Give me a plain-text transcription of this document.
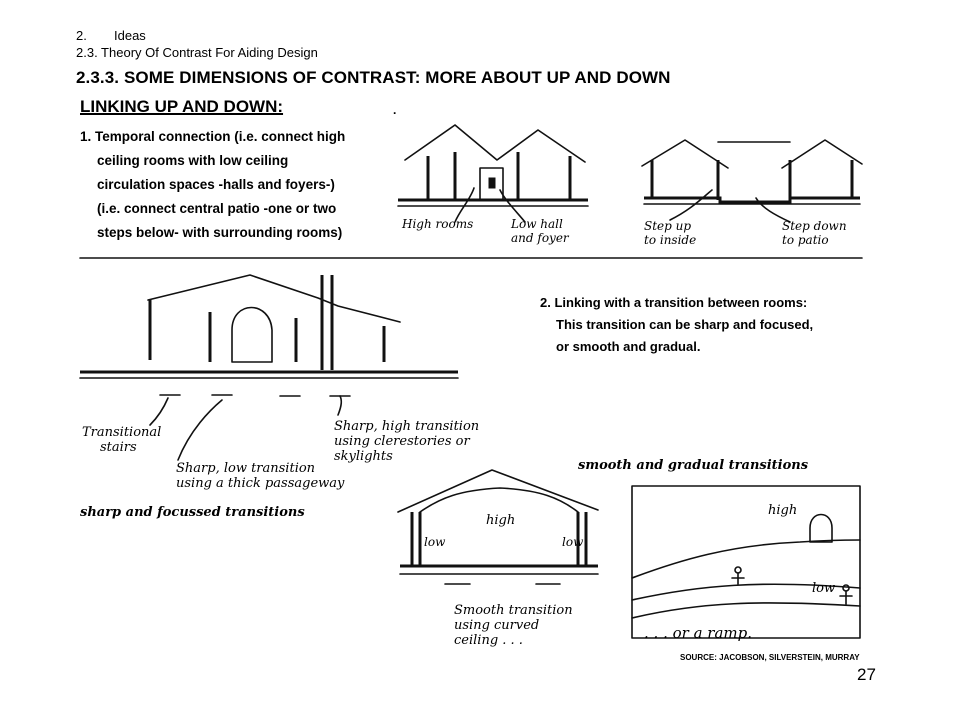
2. Ideas
2.3. Theory Of Contrast For Aiding Design
2.3.3. SOME DIMENSIONS OF CONTRAST: MORE ABOUT UP AND DOWN
LINKING UP AND DOWN:	.
1. Temporal connection (i.e. connect high
ceiling rooms with low ceiling
circulation spaces -halls and foyers-)
(i.e. connect central patio -one or two
steps below- with surrounding rooms)
2. Linking with a transition between rooms:
This transition can be sharp and focused,
or smooth and gradual.
High rooms	Low hall
and foyer
Step up
to inside
Step down
to patio
Transitional
stairs
Sharp, high transition
using clerestories or
skylights
Sharp, low transition
using a thick passageway
sharp and focussed transitions
smooth and gradual transitions
high
low	low
Smooth transition
using curved
ceiling . . .
high
low
. . . or a ramp.
SOURCE: JACOBSON, SILVERSTEIN, MURRAY
27
